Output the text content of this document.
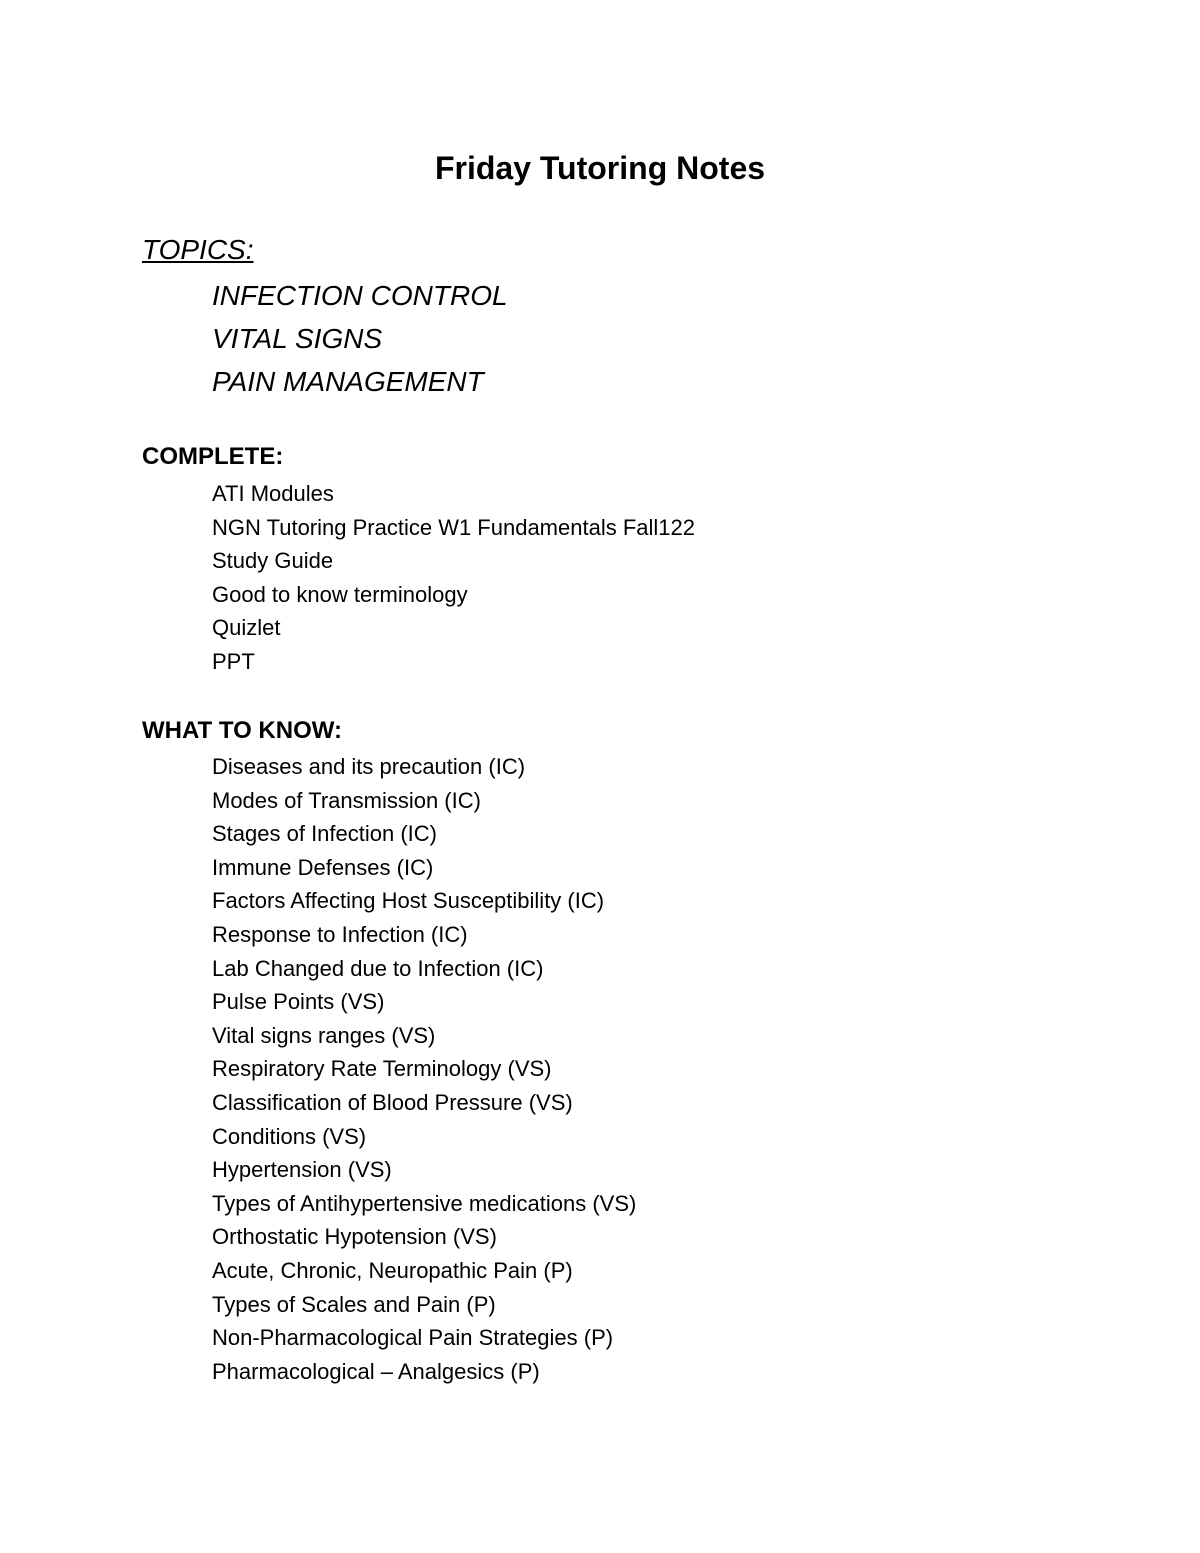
Friday Tutoring Notes
TOPICS:
INFECTION CONTROL
VITAL SIGNS
PAIN MANAGEMENT
COMPLETE:
ATI Modules
NGN Tutoring Practice W1 Fundamentals Fall122
Study Guide
Good to know terminology
Quizlet
PPT
WHAT TO KNOW:
Diseases and its precaution (IC)
Modes of Transmission (IC)
Stages of Infection (IC)
Immune Defenses (IC)
Factors Affecting Host Susceptibility (IC)
Response to Infection (IC)
Lab Changed due to Infection (IC)
Pulse Points (VS)
Vital signs ranges (VS)
Respiratory Rate Terminology (VS)
Classification of Blood Pressure (VS)
Conditions (VS)
Hypertension (VS)
Types of Antihypertensive medications (VS)
Orthostatic Hypotension (VS)
Acute, Chronic, Neuropathic Pain (P)
Types of Scales and Pain (P)
Non-Pharmacological Pain Strategies (P)
Pharmacological – Analgesics (P)
